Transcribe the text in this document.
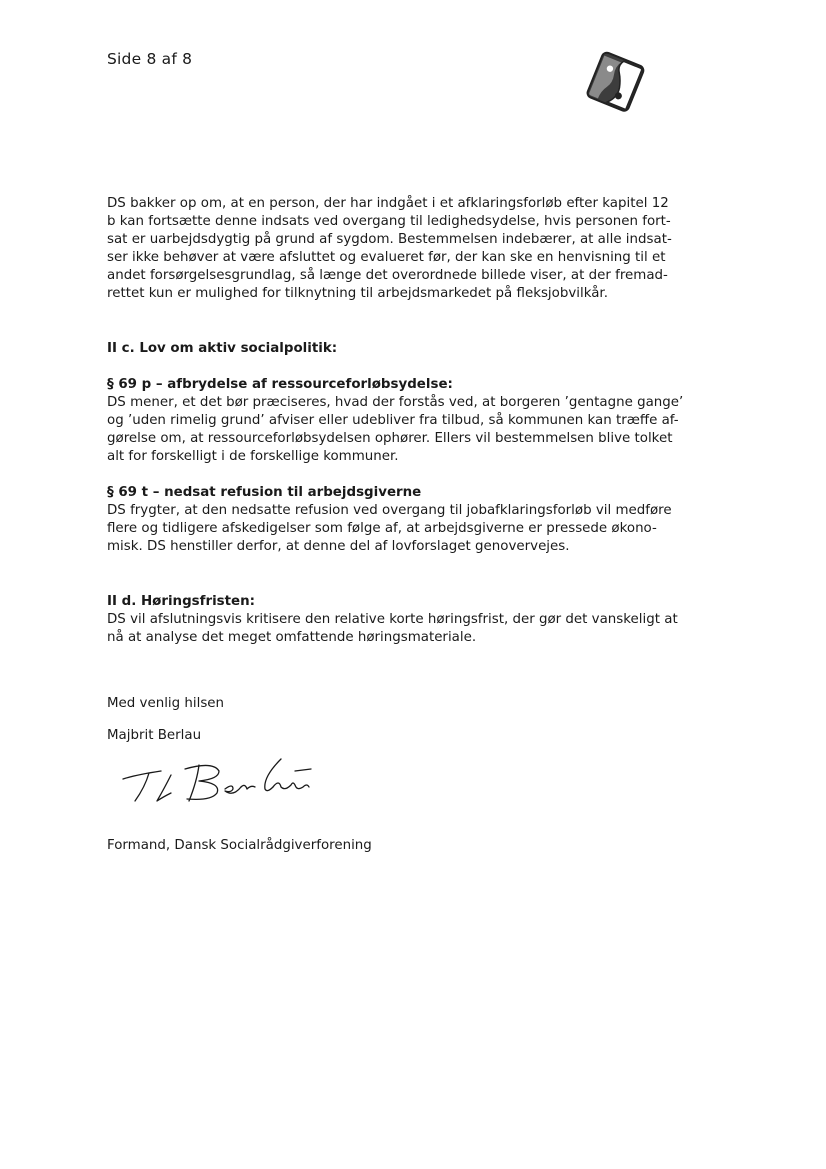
Side 8 af 8

DS bakker op om, at en person, der har indgået i et afklaringsforløb efter kapitel 12
b kan fortsætte denne indsats ved overgang til ledighedsydelse, hvis personen fort-
sat er uarbejdsdygtig på grund af sygdom. Bestemmelsen indebærer, at alle indsat-
ser ikke behøver at være afsluttet og evalueret før, der kan ske en henvisning til et
andet forsørgelsesgrundlag, så længe det overordnede billede viser, at der fremad-
rettet kun er mulighed for tilknytning til arbejdsmarkedet på fleksjobvilkår.

II c. Lov om aktiv socialpolitik:

§ 69 p – afbrydelse af ressourceforløbsydelse:
DS mener, et det bør præciseres, hvad der forstås ved, at borgeren ’gentagne gange’
og ’uden rimelig grund’ afviser eller udebliver fra tilbud, så kommunen kan træffe af-
gørelse om, at ressourceforløbsydelsen ophører. Ellers vil bestemmelsen blive tolket
alt for forskelligt i de forskellige kommuner.

§ 69 t – nedsat refusion til arbejdsgiverne
DS frygter, at den nedsatte refusion ved overgang til jobafklaringsforløb vil medføre
flere og tidligere afskedigelser som følge af, at arbejdsgiverne er pressede økono-
misk. DS henstiller derfor, at denne del af lovforslaget genovervejes.

II d. Høringsfristen:
DS vil afslutningsvis kritisere den relative korte høringsfrist, der gør det vanskeligt at
nå at analyse det meget omfattende høringsmateriale.

Med venlig hilsen
Majbrit Berlau
Formand, Dansk Socialrådgiverforening
